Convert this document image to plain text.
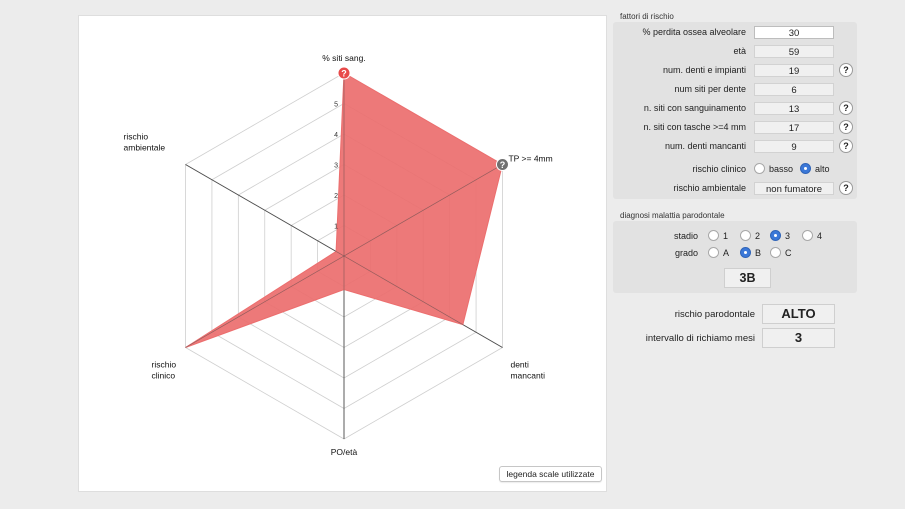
1
2
3
4
5
% siti sang.
TP >= 4mm
denti mancanti
PO/età
rischio clinico
rischio ambientale
?
?
legenda scale utilizzate
fattori di rischio
diagnosi malattia parodontale
stadio	1	2	3	4
grado	A	B	C
3B
rischio parodontale	ALTO
intervallo di richiamo mesi	3
% perdita ossea alveolare	30
età	59
num. denti e impianti	19	?
num siti per dente	6
n. siti con sanguinamento	13	?
n. siti con tasche >=4 mm	17	?
num. denti mancanti	9	?
rischio clinico	basso alto
rischio ambientale	non fumatore	?
